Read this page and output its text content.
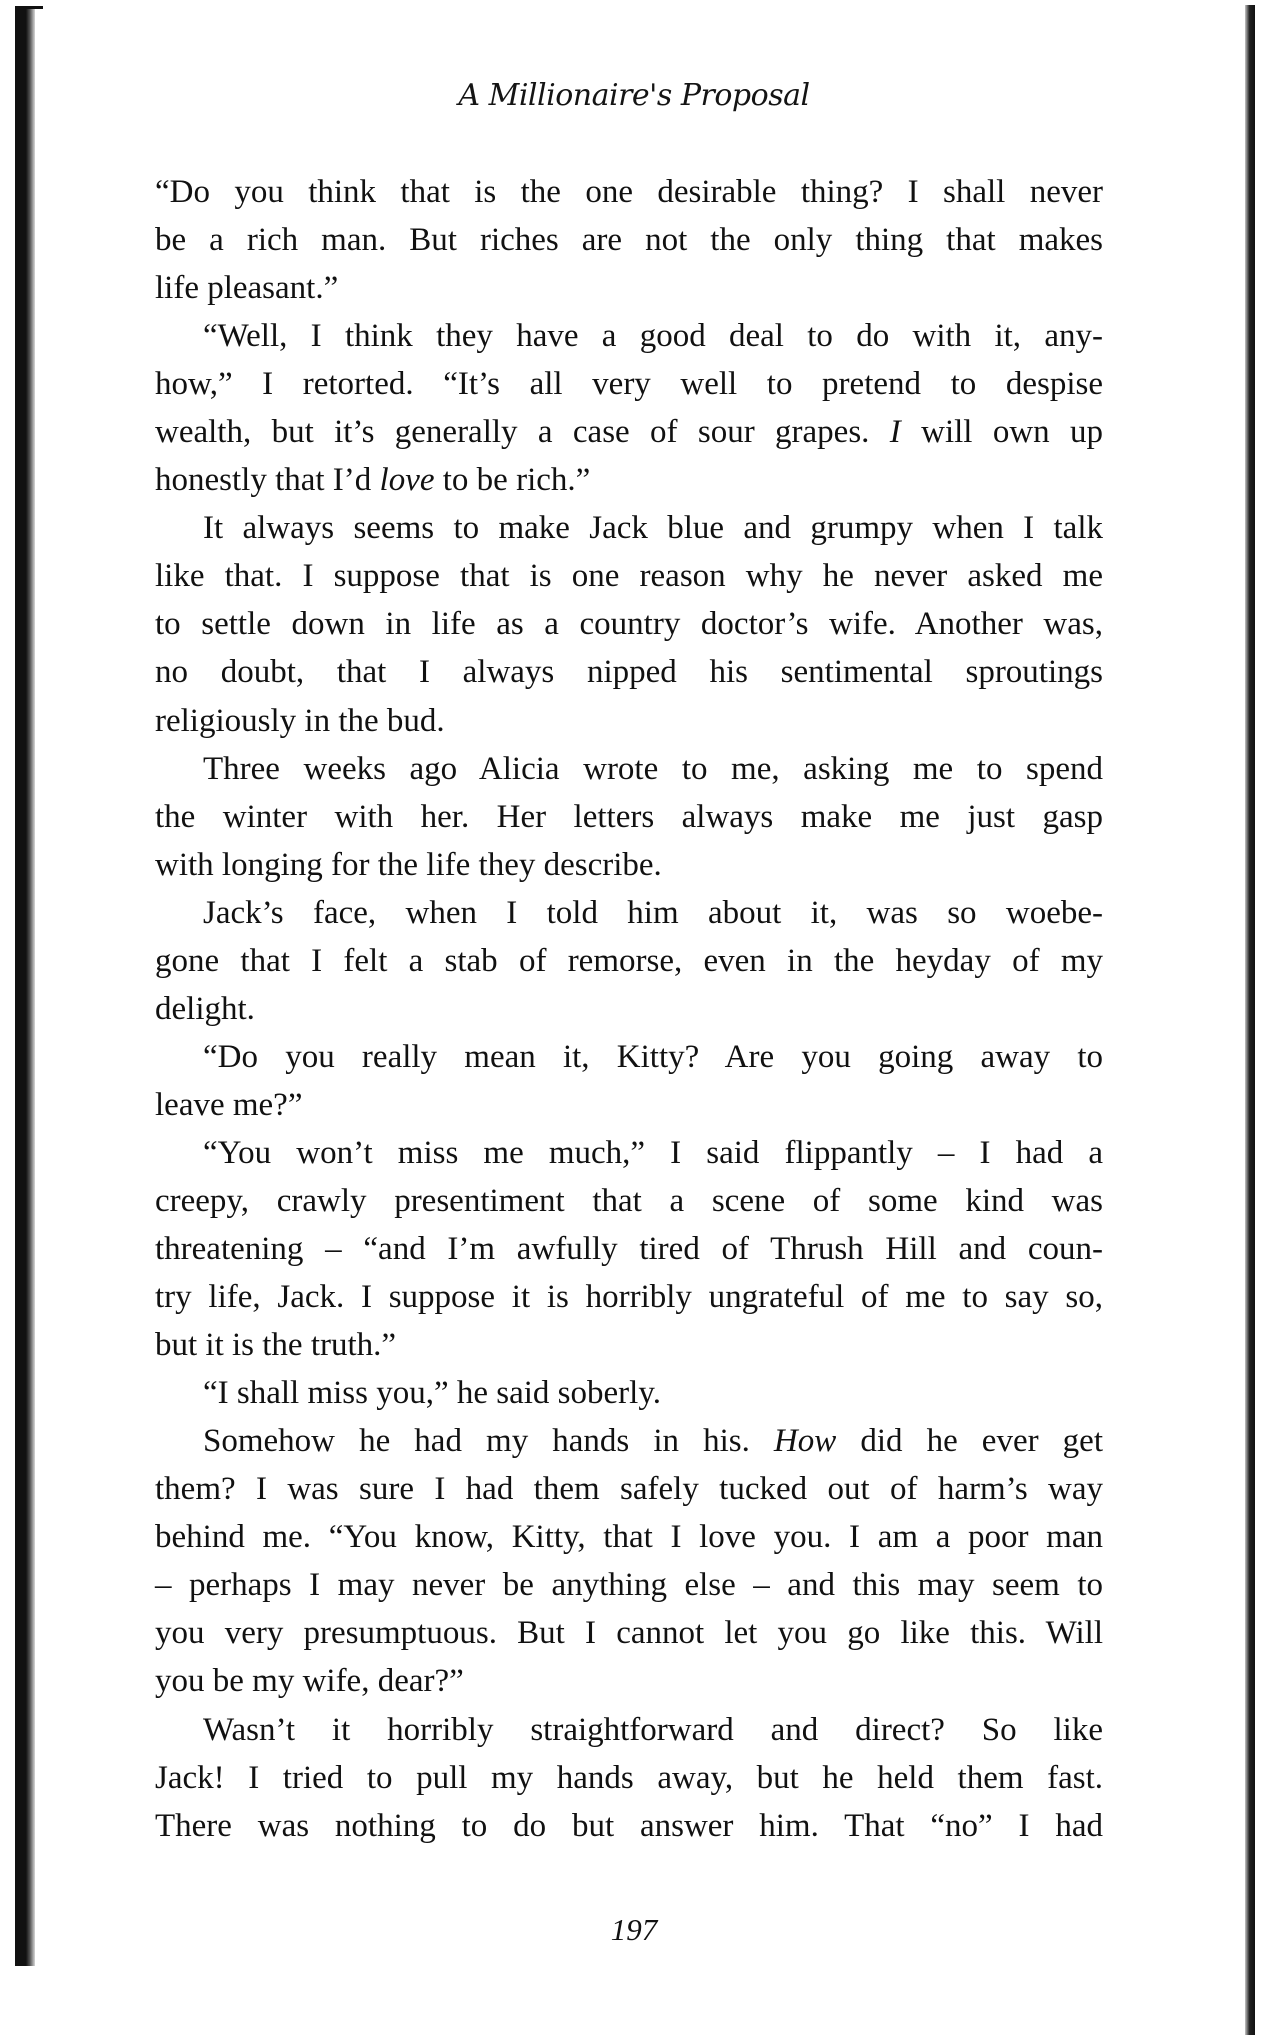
A Millionaire's Proposal
“Do you think that is the one desirable thing? I shall never
be a rich man. But riches are not the only thing that makes
life pleasant.”
“Well, I think they have a good deal to do with it, any-
how,” I retorted. “It’s all very well to pretend to despise
wealth, but it’s generally a case of sour grapes. I will own up
honestly that I’d love to be rich.”
It always seems to make Jack blue and grumpy when I talk
like that. I suppose that is one reason why he never asked me
to settle down in life as a country doctor’s wife. Another was,
no doubt, that I always nipped his sentimental sproutings
religiously in the bud.
Three weeks ago Alicia wrote to me, asking me to spend
the winter with her. Her letters always make me just gasp
with longing for the life they describe.
Jack’s face, when I told him about it, was so woebe-
gone that I felt a stab of remorse, even in the heyday of my
delight.
“Do you really mean it, Kitty? Are you going away to
leave me?”
“You won’t miss me much,” I said flippantly – I had a
creepy, crawly presentiment that a scene of some kind was
threatening – “and I’m awfully tired of Thrush Hill and coun-
try life, Jack. I suppose it is horribly ungrateful of me to say so,
but it is the truth.”
“I shall miss you,” he said soberly.
Somehow he had my hands in his. How did he ever get
them? I was sure I had them safely tucked out of harm’s way
behind me. “You know, Kitty, that I love you. I am a poor man
– perhaps I may never be anything else – and this may seem to
you very presumptuous. But I cannot let you go like this. Will
you be my wife, dear?”
Wasn’t it horribly straightforward and direct? So like
Jack! I tried to pull my hands away, but he held them fast.
There was nothing to do but answer him. That “no” I had
197
